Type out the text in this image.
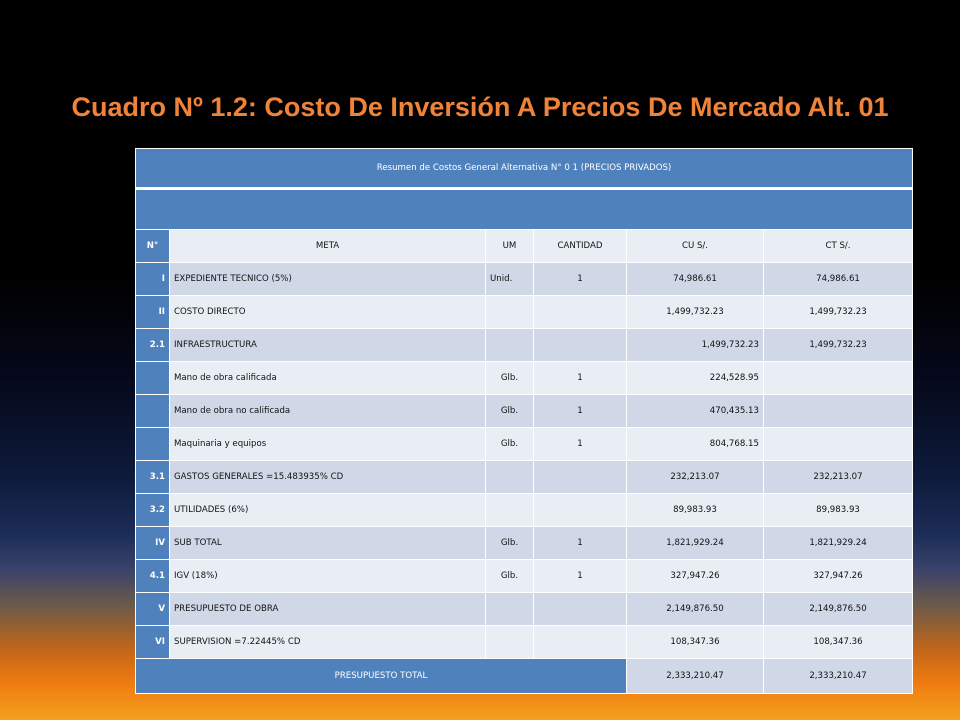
Cuadro Nº 1.2: Costo De Inversión A Precios De Mercado Alt. 01
Resumen de Costos General Alternativa N° 0 1 (PRECIOS PRIVADOS)					

N°	META	UM	CANTIDAD	CU S/.	CT S/.
I	EXPEDIENTE TECNICO (5%)	Unid.	1	74,986.61	74,986.61
II	COSTO DIRECTO			1,499,732.23	1,499,732.23
2.1	INFRAESTRUCTURA			1,499,732.23	1,499,732.23
	Mano de obra calificada	Glb.	1	224,528.95	
	Mano de obra no calificada	Glb.	1	470,435.13	
	Maquinaria y equipos	Glb.	1	804,768.15	
3.1	GASTOS GENERALES =15.483935% CD			232,213.07	232,213.07
3.2	UTILIDADES (6%)			89,983.93	89,983.93
IV	SUB TOTAL	Glb.	1	1,821,929.24	1,821,929.24
4.1	IGV (18%)	Glb.	1	327,947.26	327,947.26
V	PRESUPUESTO DE OBRA			2,149,876.50	2,149,876.50
VI	SUPERVISION =7.22445% CD			108,347.36	108,347.36
PRESUPUESTO TOTAL				2,333,210.47	2,333,210.47
